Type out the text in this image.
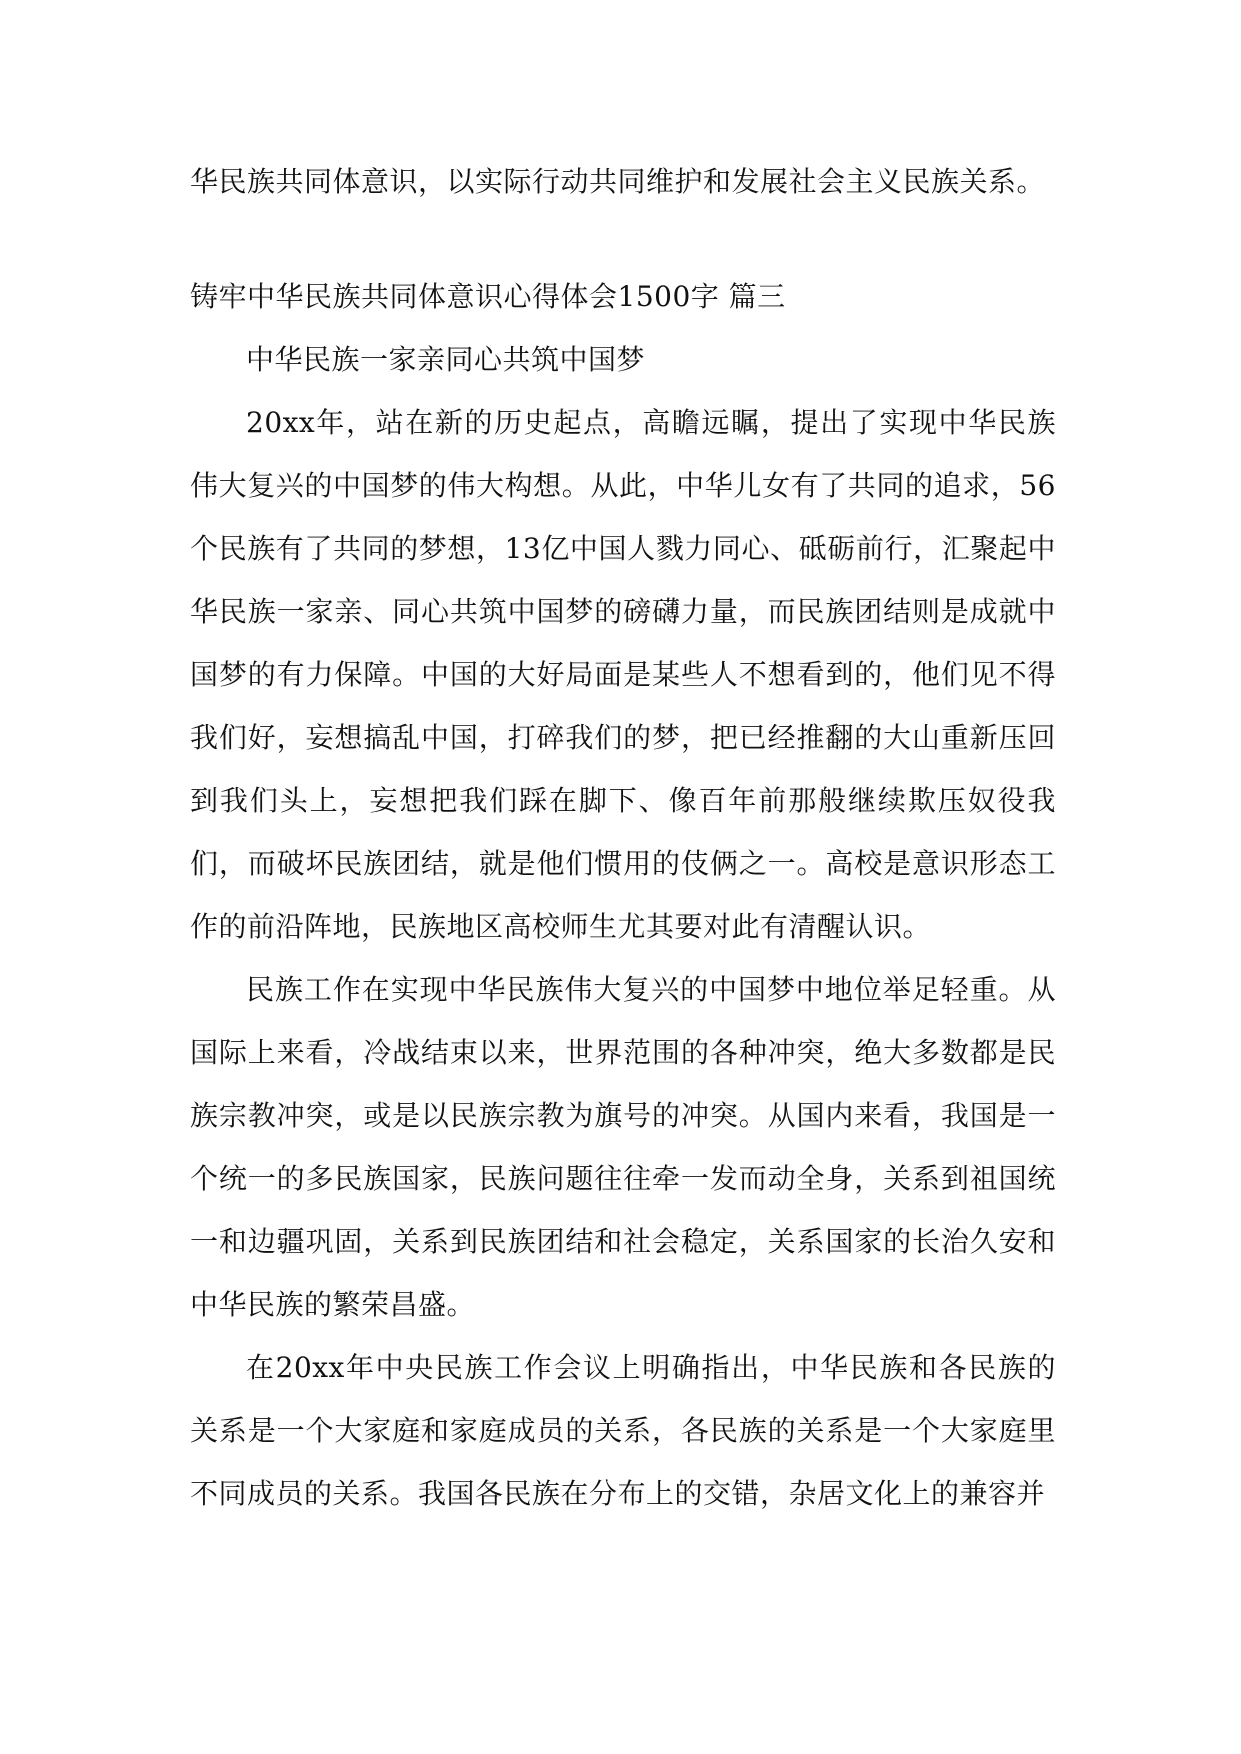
华民族共同体意识，以实际行动共同维护和发展社会主义民族关系。
铸牢中华民族共同体意识心得体会1500字 篇三
中华民族一家亲同心共筑中国梦

20xx年，站在新的历史起点，高瞻远瞩，提出了实现中华民族伟大复兴的中国梦的伟大构想。从此，中华儿女有了共同的追求，56个民族有了共同的梦想，13亿中国人戮力同心、砥砺前行，汇聚起中华民族一家亲、同心共筑中国梦的磅礴力量，而民族团结则是成就中国梦的有力保障。中国的大好局面是某些人不想看到的，他们见不得我们好，妄想搞乱中国，打碎我们的梦，把已经推翻的大山重新压回到我们头上，妄想把我们踩在脚下、像百年前那般继续欺压奴役我们，而破坏民族团结，就是他们惯用的伎俩之一。高校是意识形态工作的前沿阵地，民族地区高校师生尤其要对此有清醒认识。

民族工作在实现中华民族伟大复兴的中国梦中地位举足轻重。从国际上来看，冷战结束以来，世界范围的各种冲突，绝大多数都是民族宗教冲突，或是以民族宗教为旗号的冲突。从国内来看，我国是一个统一的多民族国家，民族问题往往牵一发而动全身，关系到祖国统一和边疆巩固，关系到民族团结和社会稳定，关系国家的长治久安和中华民族的繁荣昌盛。

在20xx年中央民族工作会议上明确指出，中华民族和各民族的关系是一个大家庭和家庭成员的关系，各民族的关系是一个大家庭里不同成员的关系。我国各民族在分布上的交错，杂居文化上的兼容并
